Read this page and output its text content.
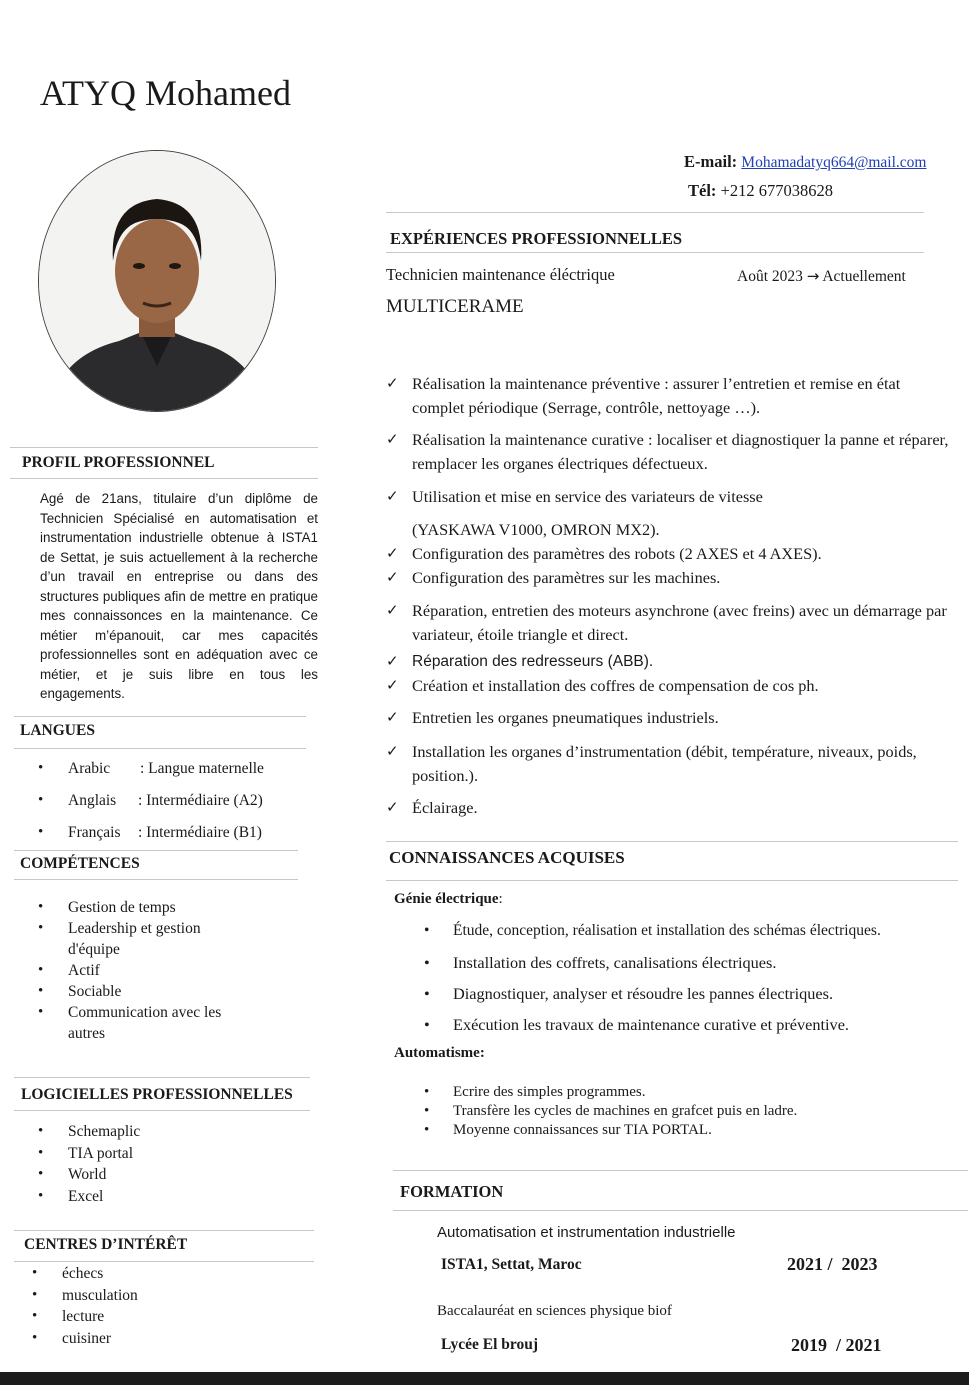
ATYQ Mohamed
E-mail: Mohamadatyq664@mail.com
Tél: +212 677038628
PROFIL PROFESSIONNEL
Agé de 21ans, titulaire d’un diplôme de Technicien Spécialisé en automatisation et instrumentation industrielle obtenue à ISTA1 de Settat, je suis actuellement à la recherche d’un travail en entreprise ou dans des structures publiques afin de mettre en pratique mes connaissonces en la maintenance. Ce métier m’épanouit, car mes capacités professionnelles sont en adéquation avec ce métier, et je suis libre en tous les engagements.
LANGUES
• Arabic : Langue maternelle
• Anglais : Intermédiaire (A2)
• Français : Intermédiaire (B1)
COMPÉTENCES
• Gestion de temps
• Leadership et gestion d'équipe
• Actif
• Sociable
• Communication avec les autres
LOGICIELLES PROFESSIONNELLES
• Schemaplic
• TIA portal
• World
• Excel
CENTRES D’INTÉRÊT
• échecs
• musculation
• lecture
• cuisiner
EXPÉRIENCES PROFESSIONNELLES
Technicien maintenance éléctrique	Août 2023 → Actuellement
MULTICERAME
✓ Réalisation la maintenance préventive : assurer l’entretien et remise en état complet périodique (Serrage, contrôle, nettoyage …).
✓ Réalisation la maintenance curative : localiser et diagnostiquer la panne et réparer, remplacer les organes électriques défectueux.
✓ Utilisation et mise en service des variateurs de vitesse
(YASKAWA V1000, OMRON MX2).
✓ Configuration des paramètres des robots (2 AXES et 4 AXES).
✓ Configuration des paramètres sur les machines.
✓ Réparation, entretien des moteurs asynchrone (avec freins) avec un démarrage par variateur, étoile triangle et direct.
✓ Réparation des redresseurs (ABB).
✓ Création et installation des coffres de compensation de cos ph.
✓ Entretien les organes pneumatiques industriels.
✓ Installation les organes d’instrumentation (débit, température, niveaux, poids, position.).
✓ Éclairage.
CONNAISSANCES ACQUISES
Génie électrique:
• Étude, conception, réalisation et installation des schémas électriques.
• Installation des coffrets, canalisations électriques.
• Diagnostiquer, analyser et résoudre les pannes électriques.
• Exécution les travaux de maintenance curative et préventive.
Automatisme:
• Ecrire des simples programmes.
• Transfère les cycles de machines en grafcet puis en ladre.
• Moyenne connaissances sur TIA PORTAL.
FORMATION
Automatisation et instrumentation industrielle
ISTA1, Settat, Maroc	2021 /  2023
Baccalauréat en sciences physique biof
Lycée El brouj	2019  / 2021
